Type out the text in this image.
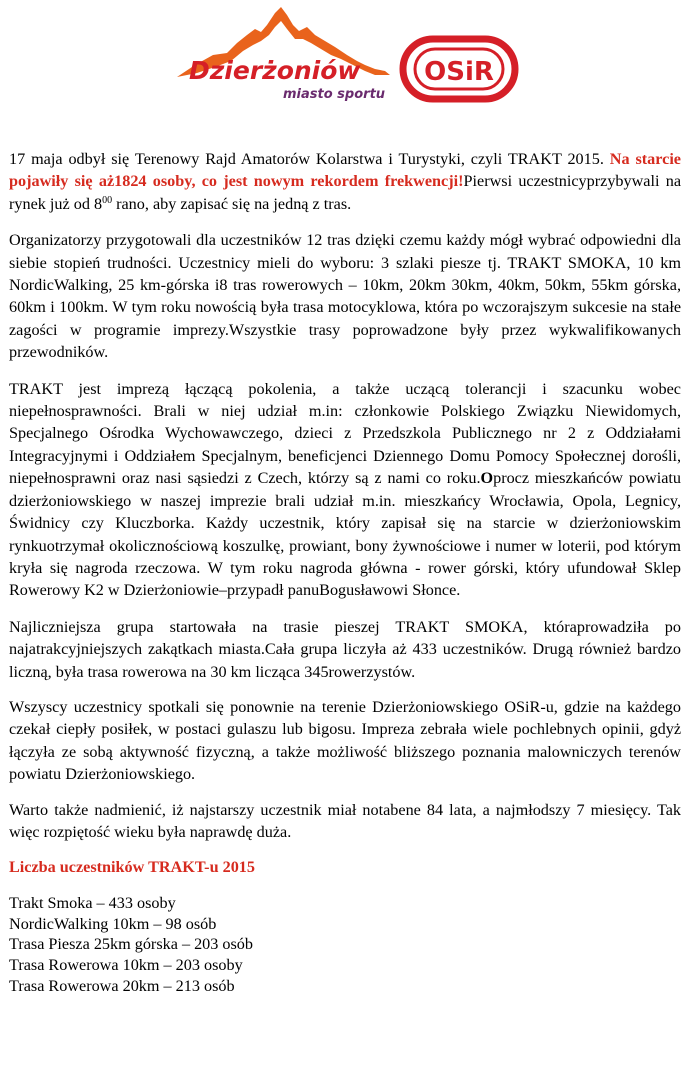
Dzierżoniów
miasto sportu
OSiR

17 maja odbył się Terenowy Rajd Amatorów Kolarstwa i Turystyki, czyli TRAKT 2015. Na starcie pojawiły się aż1824 osoby, co jest nowym rekordem frekwencji!Pierwsi uczestnicyprzybywali na rynek już od $8^{00}$ rano, aby zapisać się na jedną z tras.

Organizatorzy przygotowali dla uczestników 12 tras dzięki czemu każdy mógł wybrać odpowiedni dla siebie stopień trudności. Uczestnicy mieli do wyboru: 3 szlaki piesze tj. TRAKT SMOKA, 10 km NordicWalking, 25 km-górska i8 tras rowerowych – 10km, 20km 30km, 40km, 50km, 55km górska, 60km i 100km. W tym roku nowością była trasa motocyklowa, która po wczorajszym sukcesie na stałe zagości w programie imprezy.Wszystkie trasy poprowadzone były przez wykwalifikowanych przewodników.

TRAKT jest imprezą łączącą pokolenia, a także uczącą tolerancji i szacunku wobec niepełnosprawności. Brali w niej udział m.in: członkowie Polskiego Związku Niewidomych, Specjalnego Ośrodka Wychowawczego, dzieci z Przedszkola Publicznego nr 2 z Oddziałami Integracyjnymi i Oddziałem Specjalnym, beneficjenci Dziennego Domu Pomocy Społecznej dorośli, niepełnosprawni oraz nasi sąsiedzi z Czech, którzy są z nami co roku.Oprocz mieszkańców powiatu dzierżoniowskiego w naszej imprezie brali udział m.in. mieszkańcy Wrocławia, Opola, Legnicy, Świdnicy czy Kluczborka. Każdy uczestnik, który zapisał się na starcie w dzierżoniowskim rynkuotrzymał okolicznościową koszulkę, prowiant, bony żywnościowe i numer w loterii, pod którym kryła się nagroda rzeczowa. W tym roku nagroda główna - rower górski, który ufundował Sklep Rowerowy K2 w Dzierżoniowie–przypadł panuBogusławowi Słonce.

Najliczniejsza grupa startowała na trasie pieszej TRAKT SMOKA, któraprowadziła po najatrakcyjniejszych zakątkach miasta.Cała grupa liczyła aż 433 uczestników. Drugą również bardzo liczną, była trasa rowerowa na 30 km licząca 345rowerzystów.

Wszyscy uczestnicy spotkali się ponownie na terenie Dzierżoniowskiego OSiR-u, gdzie na każdego czekał ciepły posiłek, w postaci gulaszu lub bigosu. Impreza zebrała wiele pochlebnych opinii, gdyż łączyła ze sobą aktywność fizyczną, a także możliwość bliższego poznania malowniczych terenów powiatu Dzierżoniowskiego.

Warto także nadmienić, iż najstarszy uczestnik miał notabene 84 lata, a najmłodszy 7 miesięcy. Tak więc rozpiętość wieku była naprawdę duża.

Liczba uczestników TRAKT-u 2015

Trakt Smoka – 433 osoby
NordicWalking 10km – 98 osób
Trasa Piesza 25km górska – 203 osób
Trasa Rowerowa 10km – 203 osoby
Trasa Rowerowa 20km – 213 osób
